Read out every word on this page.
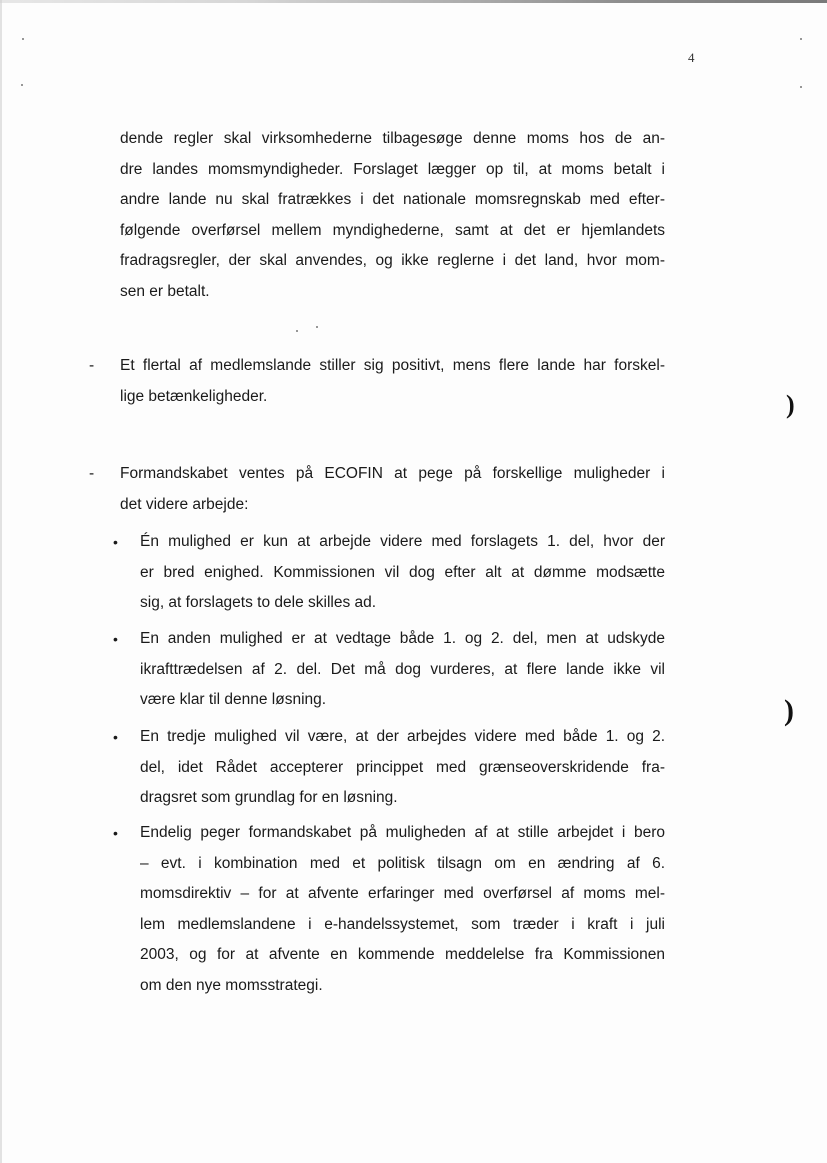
)
)
4
dende regler skal virksomhederne tilbagesøge denne moms hos de an-
dre landes momsmyndigheder. Forslaget lægger op til, at moms betalt i
andre lande nu skal fratrækkes i det nationale momsregnskab med efter-
følgende overførsel mellem myndighederne, samt at det er hjemlandets
fradragsregler, der skal anvendes, og ikke reglerne i det land, hvor mom-
sen er betalt.
- Et flertal af medlemslande stiller sig positivt, mens flere lande har forskel-
lige betænkeligheder.
- Formandskabet ventes på ECOFIN at pege på forskellige muligheder i
det videre arbejde:
• Én mulighed er kun at arbejde videre med forslagets 1. del, hvor der
er bred enighed. Kommissionen vil dog efter alt at dømme modsætte
sig, at forslagets to dele skilles ad.
• En anden mulighed er at vedtage både 1. og 2. del, men at udskyde
ikrafttrædelsen af 2. del. Det må dog vurderes, at flere lande ikke vil
være klar til denne løsning.
• En tredje mulighed vil være, at der arbejdes videre med både 1. og 2.
del, idet Rådet accepterer princippet med grænseoverskridende fra-
dragsret som grundlag for en løsning.
• Endelig peger formandskabet på muligheden af at stille arbejdet i bero
– evt. i kombination med et politisk tilsagn om en ændring af 6.
momsdirektiv – for at afvente erfaringer med overførsel af moms mel-
lem medlemslandene i e-handelssystemet, som træder i kraft i juli
2003, og for at afvente en kommende meddelelse fra Kommissionen
om den nye momsstrategi.
